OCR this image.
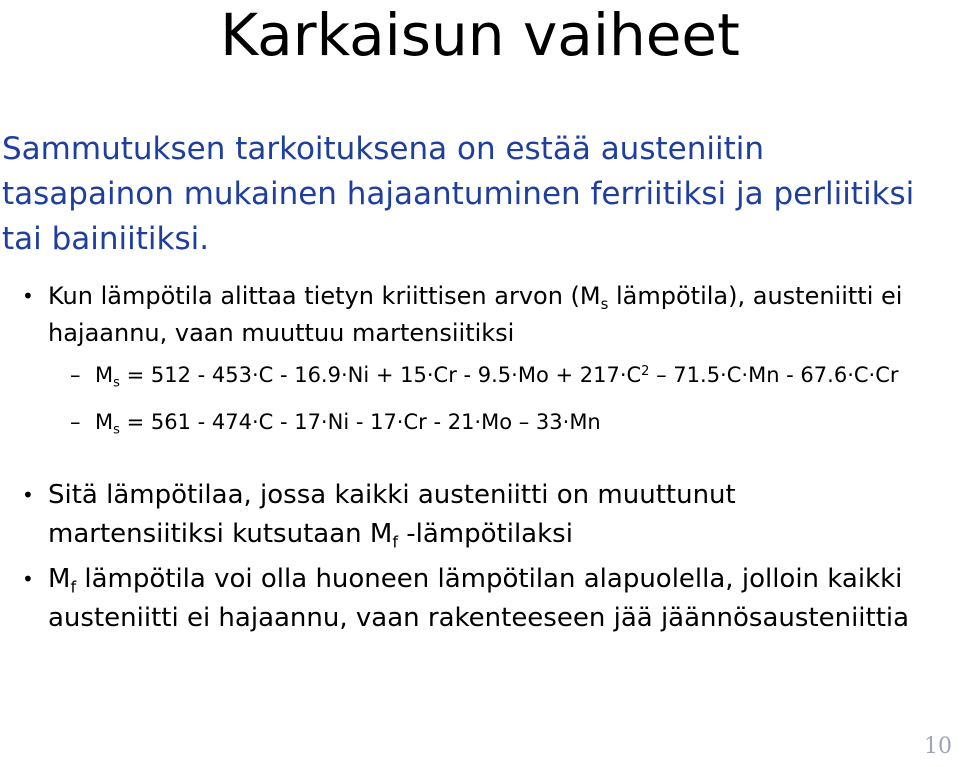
Karkaisun vaiheet

Sammutuksen tarkoituksena on estää austeniitin tasapainon mukainen hajaantuminen ferriitiksi ja perliitiksi tai bainiitiksi.

• Kun lämpötila alittaa tietyn kriittisen arvon ($M_s$ lämpötila), austeniitti ei hajaannu, vaan muuttuu martensiitiksi

– $M_s = 512 - 453\cdot C - 16.9\cdot Ni + 15\cdot Cr - 9.5\cdot Mo + 217\cdot C^2 - 71.5\cdot C\cdot Mn - 67.6\cdot C\cdot Cr$

– $M_s = 561 - 474\cdot C - 17\cdot Ni - 17\cdot Cr - 21\cdot Mo - 33\cdot Mn$

• Sitä lämpötilaa, jossa kaikki austeniitti on muuttunut martensiitiksi kutsutaan $M_f$ -lämpötilaksi

• $M_f$ lämpötila voi olla huoneen lämpötilan alapuolella, jolloin kaikki austeniitti ei hajaannu, vaan rakenteeseen jää jäännösausteniittia

10
